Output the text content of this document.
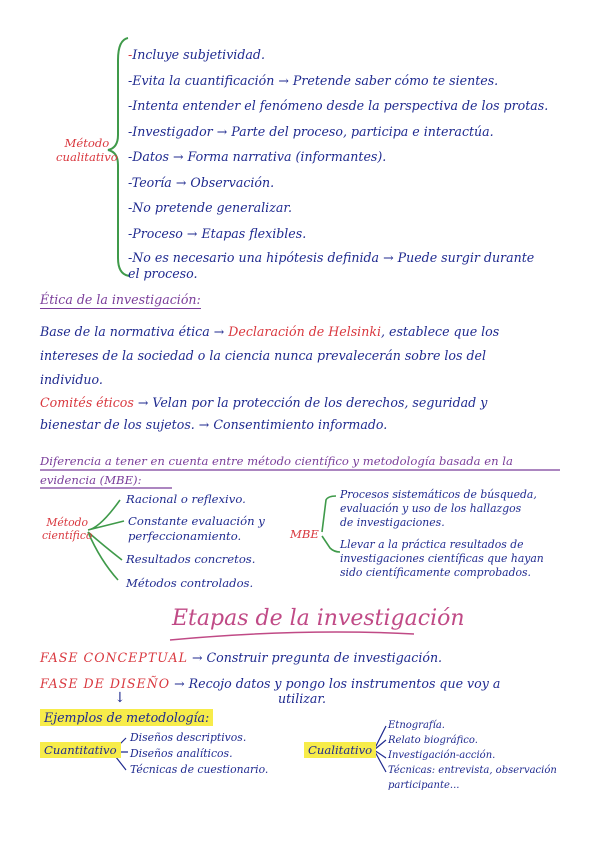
Método
cualitativo
-Incluye subjetividad.
-Evita la cuantificación → Pretende saber cómo te sientes.
-Intenta entender el fenómeno desde la perspectiva de los protas.
-Investigador → Parte del proceso, participa e interactúa.
-Datos → Forma narrativa (informantes).
-Teoría → Observación.
-No pretende generalizar.
-Proceso → Etapas flexibles.
-No es necesario una hipótesis definida → Puede surgir durante
el proceso.
Ética de la investigación:
Base de la normativa ética → Declaración de Helsinki, establece que los
intereses de la sociedad o la ciencia nunca prevalecerán sobre los del
individuo.
Comités éticos → Velan por la protección de los derechos, seguridad y
bienestar de los sujetos. → Consentimiento informado.
Diferencia a tener en cuenta entre método científico y metodología basada en la
evidencia (MBE):
Método
científico
Racional o reflexivo.
Constante evaluación y
perfeccionamiento.
Resultados concretos.
Métodos controlados.
MBE
Procesos sistemáticos de búsqueda,
evaluación y uso de los hallazgos
de investigaciones.
Llevar a la práctica resultados de
investigaciones científicas que hayan
sido científicamente comprobados.
Etapas de la investigación
FASE CONCEPTUAL → Construir pregunta de investigación.
FASE DE DISEÑO → Recojo datos y pongo los instrumentos que voy a
utilizar.
↓
Ejemplos de metodología:
Cuantitativo
Diseños descriptivos.
Diseños analíticos.
Técnicas de cuestionario.
Cualitativo
Etnografía.
Relato biográfico.
Investigación-acción.
Técnicas: entrevista, observación
participante...
